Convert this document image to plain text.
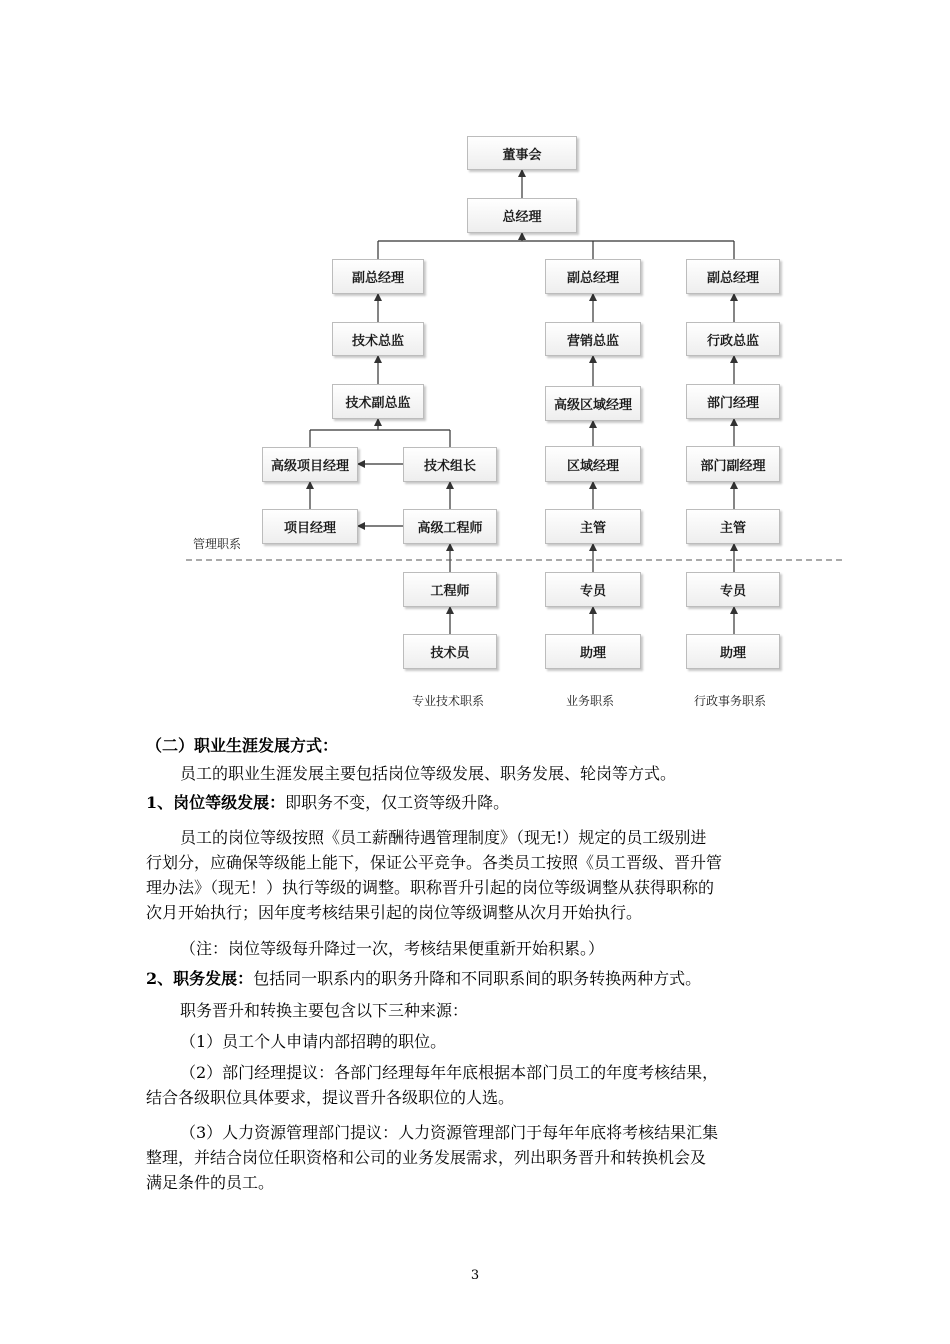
董事会
总经理
副总经理
技术总监
技术副总监
高级项目经理	技术组长
项目经理	高级工程师
工程师
技术员
副总经理
营销总监
高级区域经理
区域经理
主管
专员
助理
副总经理
行政总监
部门经理
部门副经理
主管
专员
助理
管理职系
专业技术职系	业务职系	行政事务职系
（二）职业生涯发展方式：
员工的职业生涯发展主要包括岗位等级发展、职务发展、轮岗等方式。
1、岗位等级发展：即职务不变，仅工资等级升降。
员工的岗位等级按照《员工薪酬待遇管理制度》（现无!）规定的员工级别进
行划分，应确保等级能上能下，保证公平竞争。各类员工按照《员工晋级、晋升管
理办法》（现无！）执行等级的调整。职称晋升引起的岗位等级调整从获得职称的
次月开始执行；因年度考核结果引起的岗位等级调整从次月开始执行。
（注：岗位等级每升降过一次，考核结果便重新开始积累。）
2、职务发展：包括同一职系内的职务升降和不同职系间的职务转换两种方式。
职务晋升和转换主要包含以下三种来源：
（1）员工个人申请内部招聘的职位。
（2）部门经理提议：各部门经理每年年底根据本部门员工的年度考核结果，
结合各级职位具体要求，提议晋升各级职位的人选。
（3）人力资源管理部门提议：人力资源管理部门于每年年底将考核结果汇集
整理，并结合岗位任职资格和公司的业务发展需求，列出职务晋升和转换机会及
满足条件的员工。
3
